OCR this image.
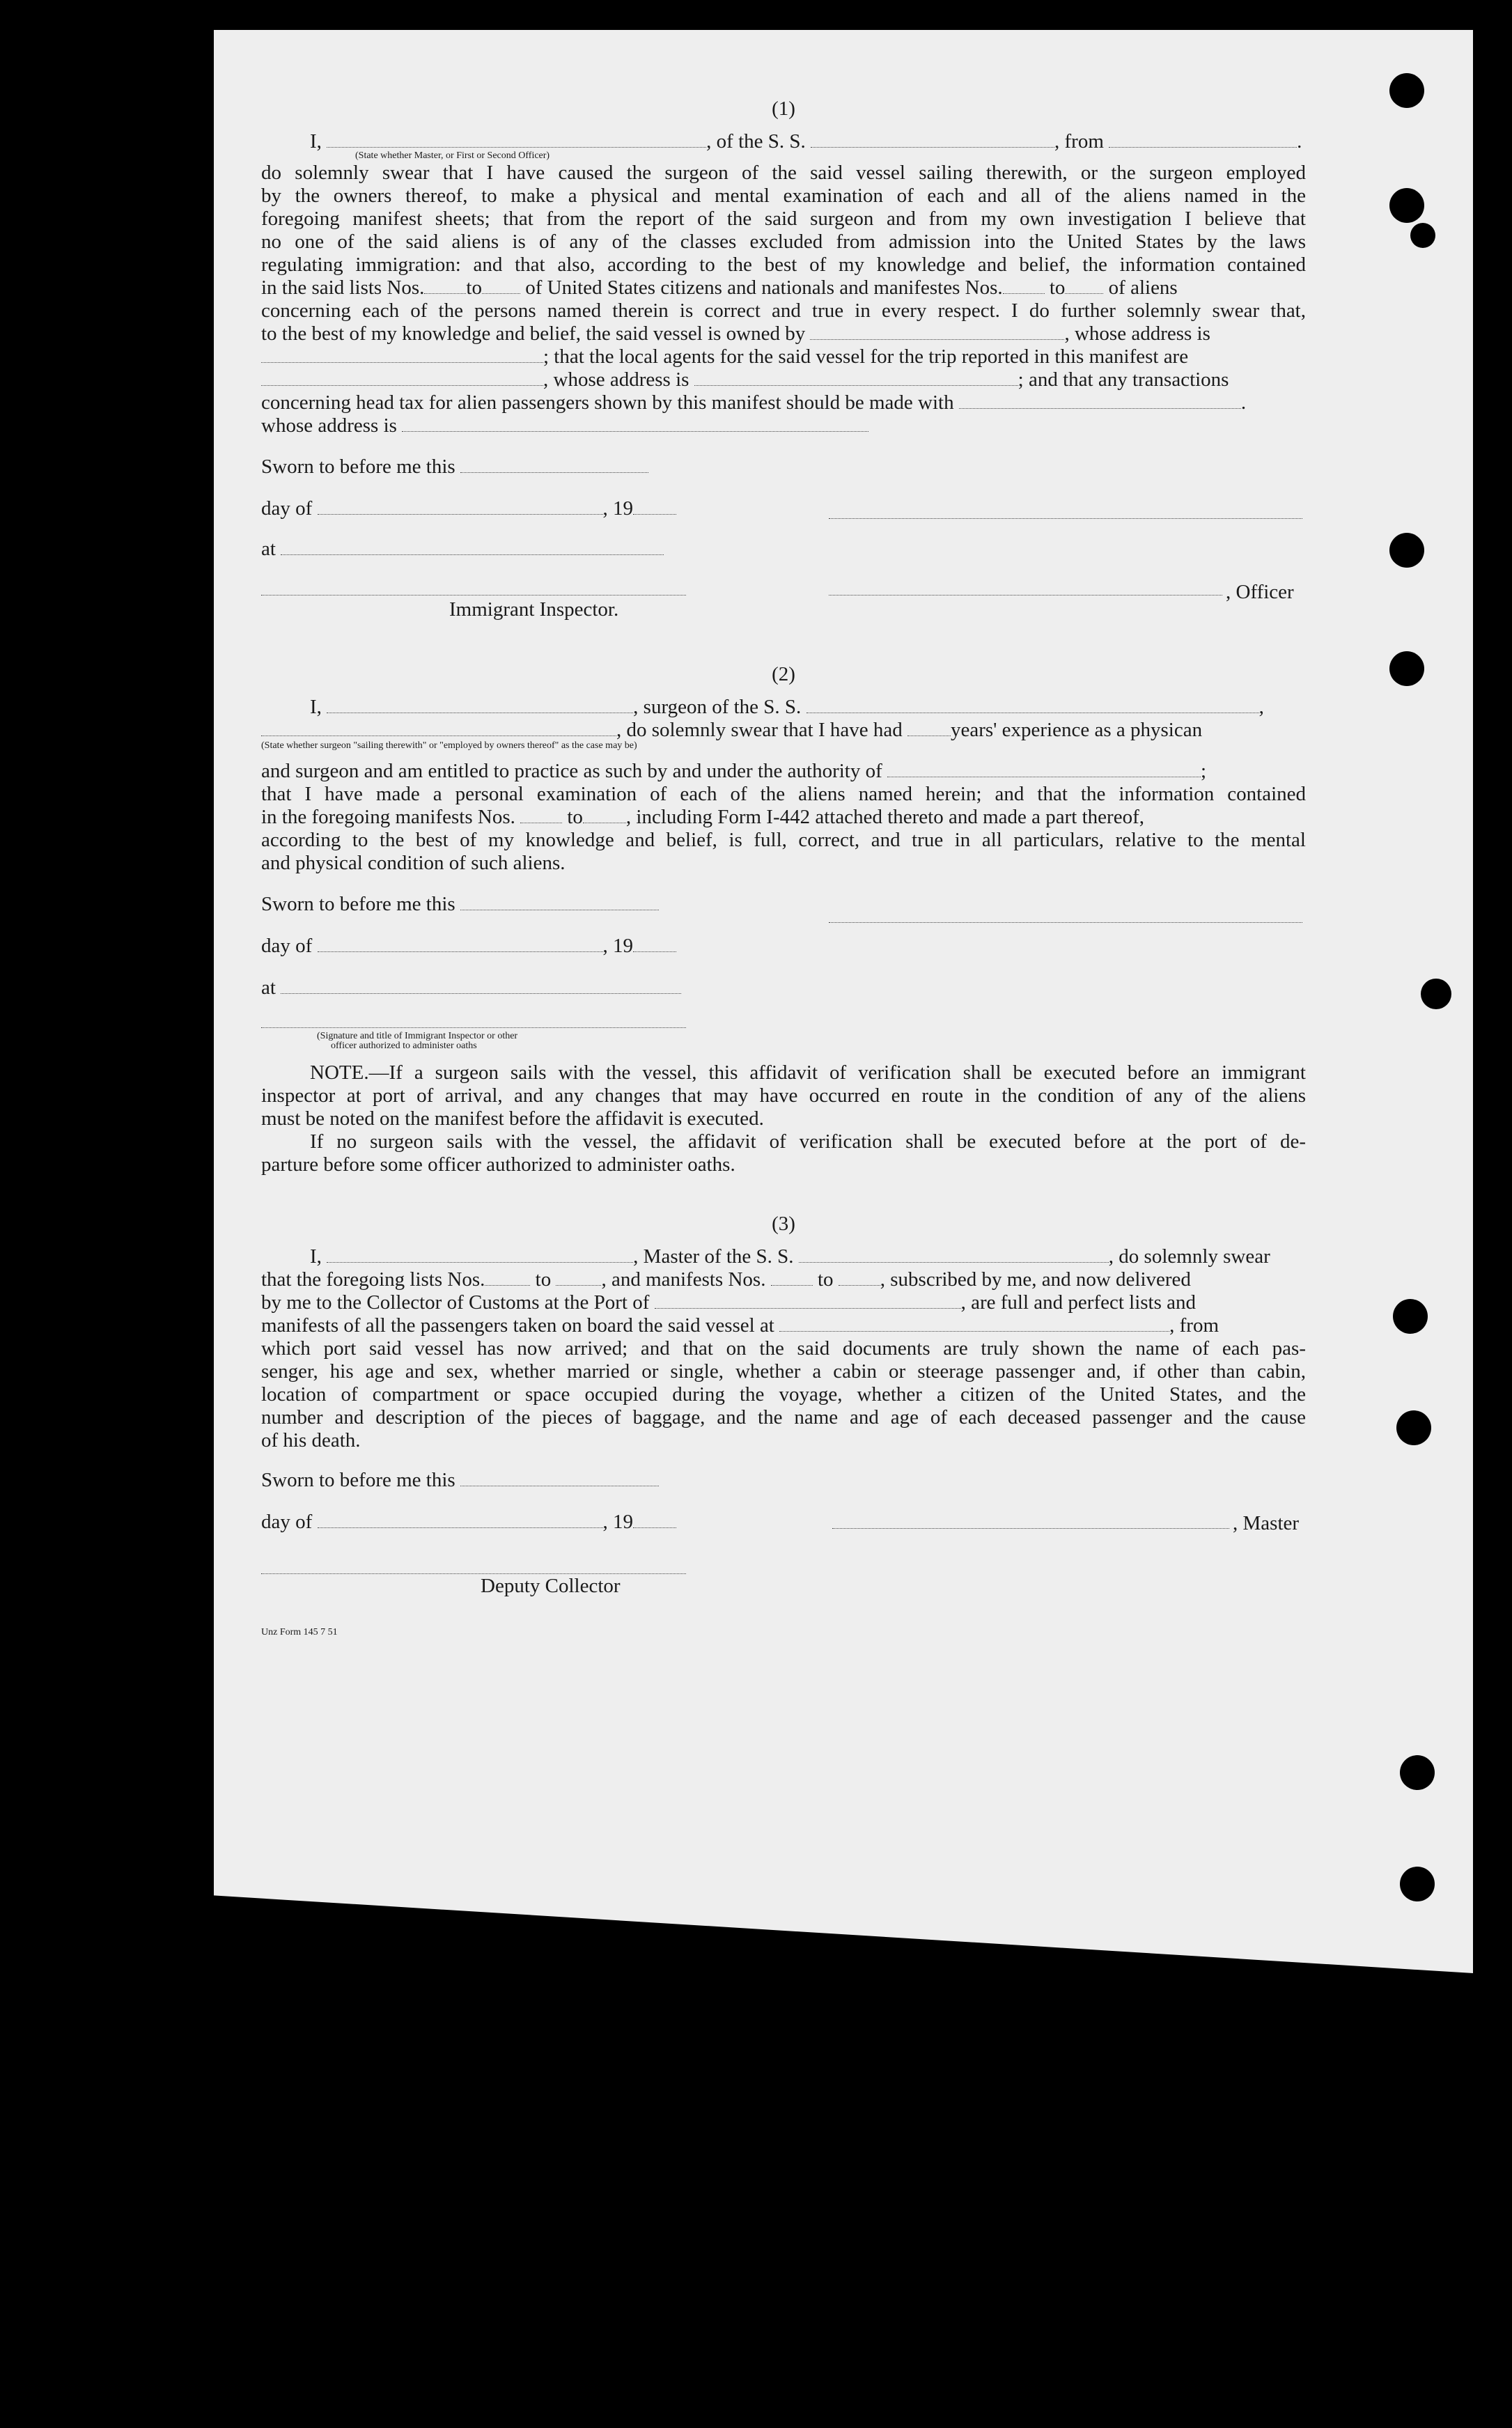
(1)
I,	, of the S. S.	, from	.
(State whether Master, or First or Second Officer)

do solemnly swear that I have caused the surgeon of the said vessel sailing therewith, or the surgeon employed

by the owners thereof, to make a physical and mental examination of each and all of the aliens named in the

foregoing manifest sheets; that from the report of the said surgeon and from my own investigation I believe that

no one of the said aliens is of any of the classes excluded from admission into the United States by the laws

regulating immigration: and that also, according to the best of my knowledge and belief, the information contained

in the said lists Nos. to of United States citizens and nationals and manifestes Nos. to of aliens

concerning each of the persons named therein is correct and true in every respect. I do further solemnly swear that,

to the best of my knowledge and belief, the said vessel is owned by	, whose address is
; that the local agents for the said vessel for the trip reported in this manifest are
, whose address is	; and that any transactions
concerning head tax for alien passengers shown by this manifest should be made with	.
whose address is
Sworn to before me this
day of	, 19
at
, Officer
Immigrant Inspector.
(2)
I,	, surgeon of the S. S.	,
, do solemnly swear that I have had years' experience as a physican
(State whether surgeon "sailing therewith" or "employed by owners thereof" as the case may be)
and surgeon and am entitled to practice as such by and under the authority of	;

that I have made a personal examination of each of the aliens named herein; and that the information contained

in the foregoing manifests Nos.	to , including Form I-442 attached thereto and made a part thereof,

according to the best of my knowledge and belief, is full, correct, and true in all particulars, relative to the mental

and physical condition of such aliens.
Sworn to before me this
day of	, 19
at
(Signature and title of Immigrant Inspector or other
officer authorized to administer oaths

NOTE.—If a surgeon sails with the vessel, this affidavit of verification shall be executed before an immigrant

inspector at port of arrival, and any changes that may have occurred en route in the condition of any of the aliens

must be noted on the manifest before the affidavit is executed.

If no surgeon sails with the vessel, the affidavit of verification shall be executed before at the port of de-

parture before some officer authorized to administer oaths.
(3)
I,	, Master of the S. S.	, do solemnly swear
that the foregoing lists Nos. to , and manifests Nos.	to , subscribed by me, and now delivered
by me to the Collector of Customs at the Port of	, are full and perfect lists and
manifests of all the passengers taken on board the said vessel at	, from

which port said vessel has now arrived; and that on the said documents are truly shown the name of each pas-

senger, his age and sex, whether married or single, whether a cabin or steerage passenger and, if other than cabin,

location of compartment or space occupied during the voyage, whether a citizen of the United States, and the

number and description of the pieces of baggage, and the name and age of each deceased passenger and the cause

of his death.
Sworn to before me this
day of	, 19	, Master
Deputy Collector
Unz Form 145 7 51
